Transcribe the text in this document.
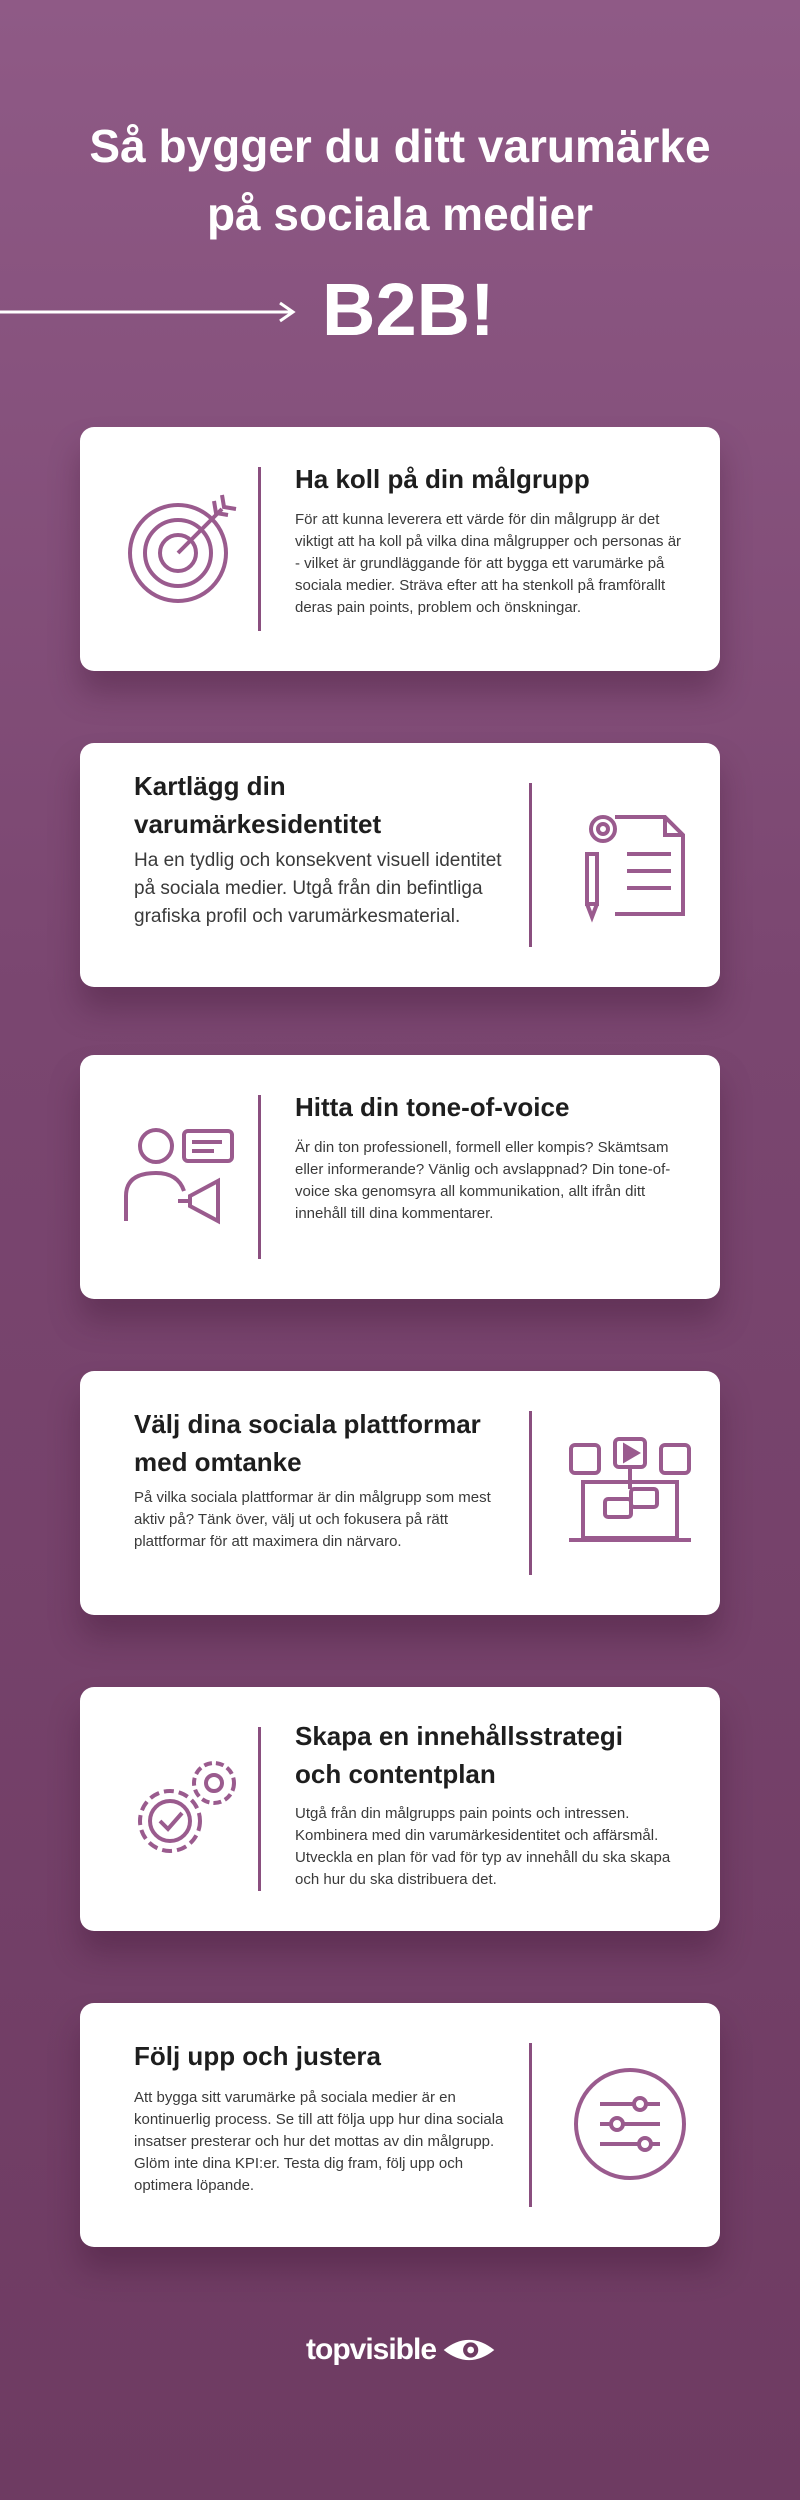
Så bygger du ditt varumärke
på sociala medier
B2B!
Ha koll på din målgrupp

För att kunna leverera ett värde för din målgrupp är det viktigt att ha koll på vilka dina målgrupper och personas är - vilket är grundläggande för att bygga ett varumärke på sociala medier. Sträva efter att ha stenkoll på framförallt deras pain points, problem och önskningar.

Kartlägg din varumärkesidentitet

Ha en tydlig och konsekvent visuell identitet på sociala medier. Utgå från din befintliga grafiska profil och varumärkesmaterial.

Hitta din tone-of-voice

Är din ton professionell, formell eller kompis? Skämtsam eller informerande? Vänlig och avslappnad? Din tone-of-voice ska genomsyra all kommunikation, allt ifrån ditt innehåll till dina kommentarer.

Välj dina sociala plattformar med omtanke

På vilka sociala plattformar är din målgrupp som mest aktiv på? Tänk över, välj ut och fokusera på rätt plattformar för att maximera din närvaro.

Skapa en innehållsstrategi och contentplan

Utgå från din målgrupps pain points och intressen. Kombinera med din varumärkesidentitet och affärsmål. Utveckla en plan för vad för typ av innehåll du ska skapa och hur du ska distribuera det.

Följ upp och justera

Att bygga sitt varumärke på sociala medier är en kontinuerlig process. Se till att följa upp hur dina sociala insatser presterar och hur det mottas av din målgrupp. Glöm inte dina KPI:er. Testa dig fram, följ upp och optimera löpande.

topvisible
